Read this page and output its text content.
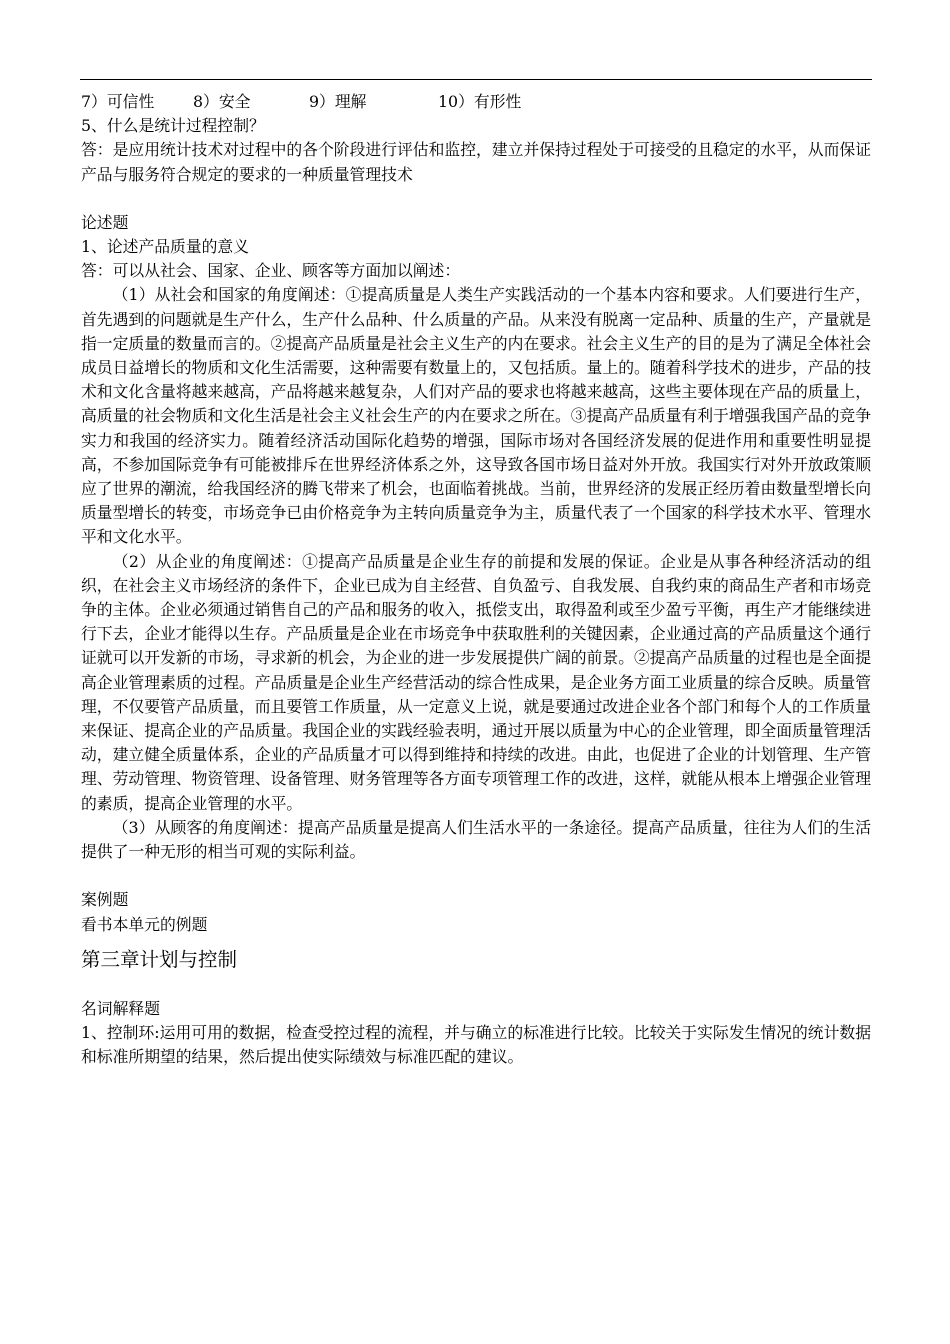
7）可信性 8）安全	9）理解	10）有形性

5、什么是统计过程控制？

答：是应用统计技术对过程中的各个阶段进行评估和监控，建立并保持过程处于可接受的且稳定的水平，从而保证产品与服务符合规定的要求的一种质量管理技术

论述题

1、论述产品质量的意义

答：可以从社会、国家、企业、顾客等方面加以阐述：

（1）从社会和国家的角度阐述：①提高质量是人类生产实践活动的一个基本内容和要求。人们要进行生产，首先遇到的问题就是生产什么，生产什么品种、什么质量的产品。从来没有脱离一定品种、质量的生产，产量就是指一定质量的数量而言的。②提高产品质量是社会主义生产的内在要求。社会主义生产的目的是为了满足全体社会成员日益增长的物质和文化生活需要，这种需要有数量上的，又包括质。量上的。随着科学技术的进步，产品的技术和文化含量将越来越高，产品将越来越复杂，人们对产品的要求也将越来越高，这些主要体现在产品的质量上，高质量的社会物质和文化生活是社会主义社会生产的内在要求之所在。③提高产品质量有利于增强我国产品的竞争实力和我国的经济实力。随着经济活动国际化趋势的增强，国际市场对各国经济发展的促进作用和重要性明显提高，不参加国际竞争有可能被排斥在世界经济体系之外，这导致各国市场日益对外开放。我国实行对外开放政策顺应了世界的潮流，给我国经济的腾飞带来了机会，也面临着挑战。当前，世界经济的发展正经历着由数量型增长向质量型增长的转变，市场竞争已由价格竞争为主转向质量竞争为主，质量代表了一个国家的科学技术水平、管理水平和文化水平。

（2）从企业的角度阐述：①提高产品质量是企业生存的前提和发展的保证。企业是从事各种经济活动的组织，在社会主义市场经济的条件下，企业已成为自主经营、自负盈亏、自我发展、自我约束的商品生产者和市场竞争的主体。企业必须通过销售自己的产品和服务的收入，抵偿支出，取得盈利或至少盈亏平衡，再生产才能继续进行下去，企业才能得以生存。产品质量是企业在市场竞争中获取胜利的关键因素，企业通过高的产品质量这个通行证就可以开发新的市场，寻求新的机会，为企业的进一步发展提供广阔的前景。②提高产品质量的过程也是全面提高企业管理素质的过程。产品质量是企业生产经营活动的综合性成果，是企业务方面工业质量的综合反映。质量管理，不仅要管产品质量，而且要管工作质量，从一定意义上说，就是要通过改进企业各个部门和每个人的工作质量来保证、提高企业的产品质量。我国企业的实践经验表明，通过开展以质量为中心的企业管理，即全面质量管理活动，建立健全质量体系，企业的产品质量才可以得到维持和持续的改进。由此，也促进了企业的计划管理、生产管理、劳动管理、物资管理、设备管理、财务管理等各方面专项管理工作的改进，这样，就能从根本上增强企业管理的素质，提高企业管理的水平。

（3）从顾客的角度阐述：提高产品质量是提高人们生活水平的一条途径。提高产品质量，往往为人们的生活提供了一种无形的相当可观的实际利益。

案例题

看书本单元的例题

第三章计划与控制

名词解释题

1、控制环:运用可用的数据，检查受控过程的流程，并与确立的标准进行比较。比较关于实际发生情况的统计数据和标准所期望的结果，然后提出使实际绩效与标准匹配的建议。
